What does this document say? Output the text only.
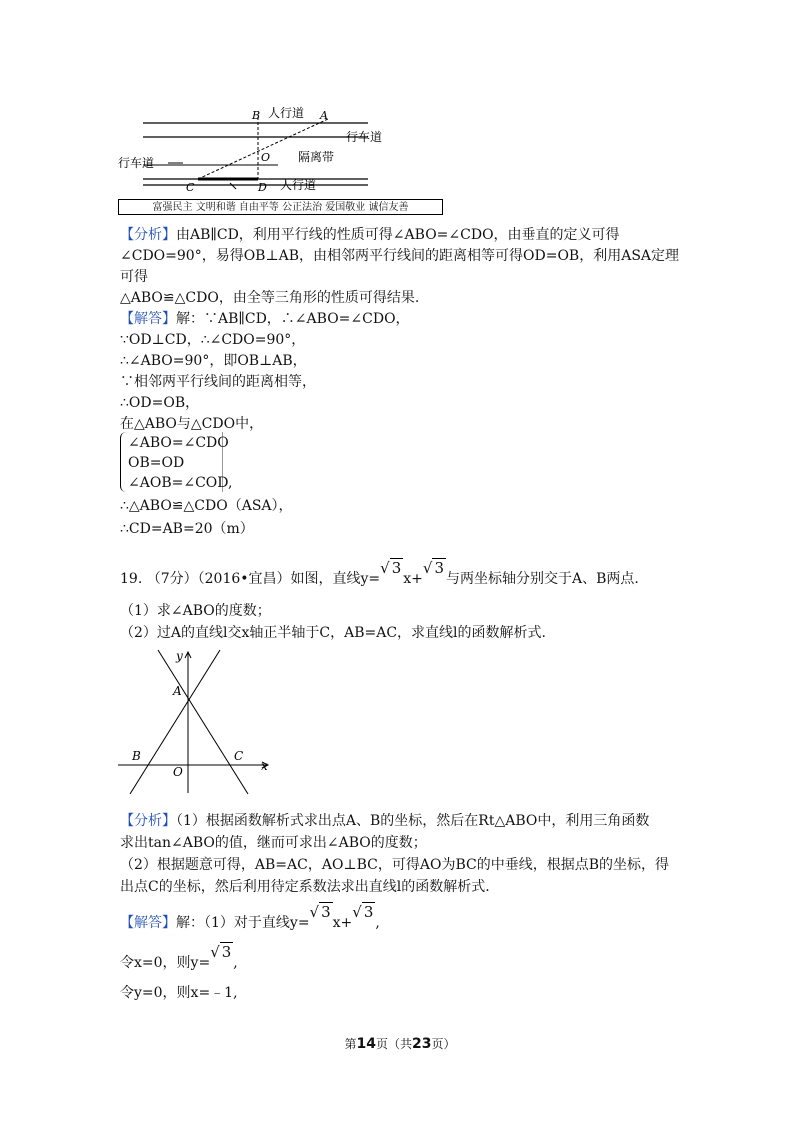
B	A
O
C	D
人行道
行车道
行车道	隔离带
人行道
富强民主 文明和谐 自由平等 公正法治 爱国敬业 诚信友善
【分析】由AB∥CD，利用平行线的性质可得∠ABO=∠CDO，由垂直的定义可得
∠CDO=90°，易得OB⊥AB，由相邻两平行线间的距离相等可得OD=OB，利用ASA定理
可得
△ABO≌△CDO，由全等三角形的性质可得结果.
【解答】解：∵AB∥CD，∴∠ABO=∠CDO，
∵OD⊥CD，∴∠CDO=90°，
∴∠ABO=90°，即OB⊥AB，
∵相邻两平行线间的距离相等，
∴OD=OB，
在△ABO与△CDO中，
∠ABO=∠CDO
OB=OD
∠AOB=∠COD,
∴△ABO≌△CDO（ASA），
∴CD=AB=20（m）
19. （7分）（2016•宜昌）如图，直线y=√ 3x+√ 3与两坐标轴分别交于A、B两点.
（1）求∠ABO的度数；
（2）过A的直线l交x轴正半轴于C，AB=AC，求直线l的函数解析式.
y
x
A
B	C
O
【分析】（1）根据函数解析式求出点A、B的坐标，然后在Rt△ABO中，利用三角函数
求出tan∠ABO的值，继而可求出∠ABO的度数；
（2）根据题意可得，AB=AC，AO⊥BC，可得AO为BC的中垂线，根据点B的坐标，得
出点C的坐标，然后利用待定系数法求出直线l的函数解析式.
【解答】解：（1）对于直线y=√ 3x+√ 3,
令x=0，则y=√ 3,
令y=0，则x=﹣1,
第14页（共23页）
